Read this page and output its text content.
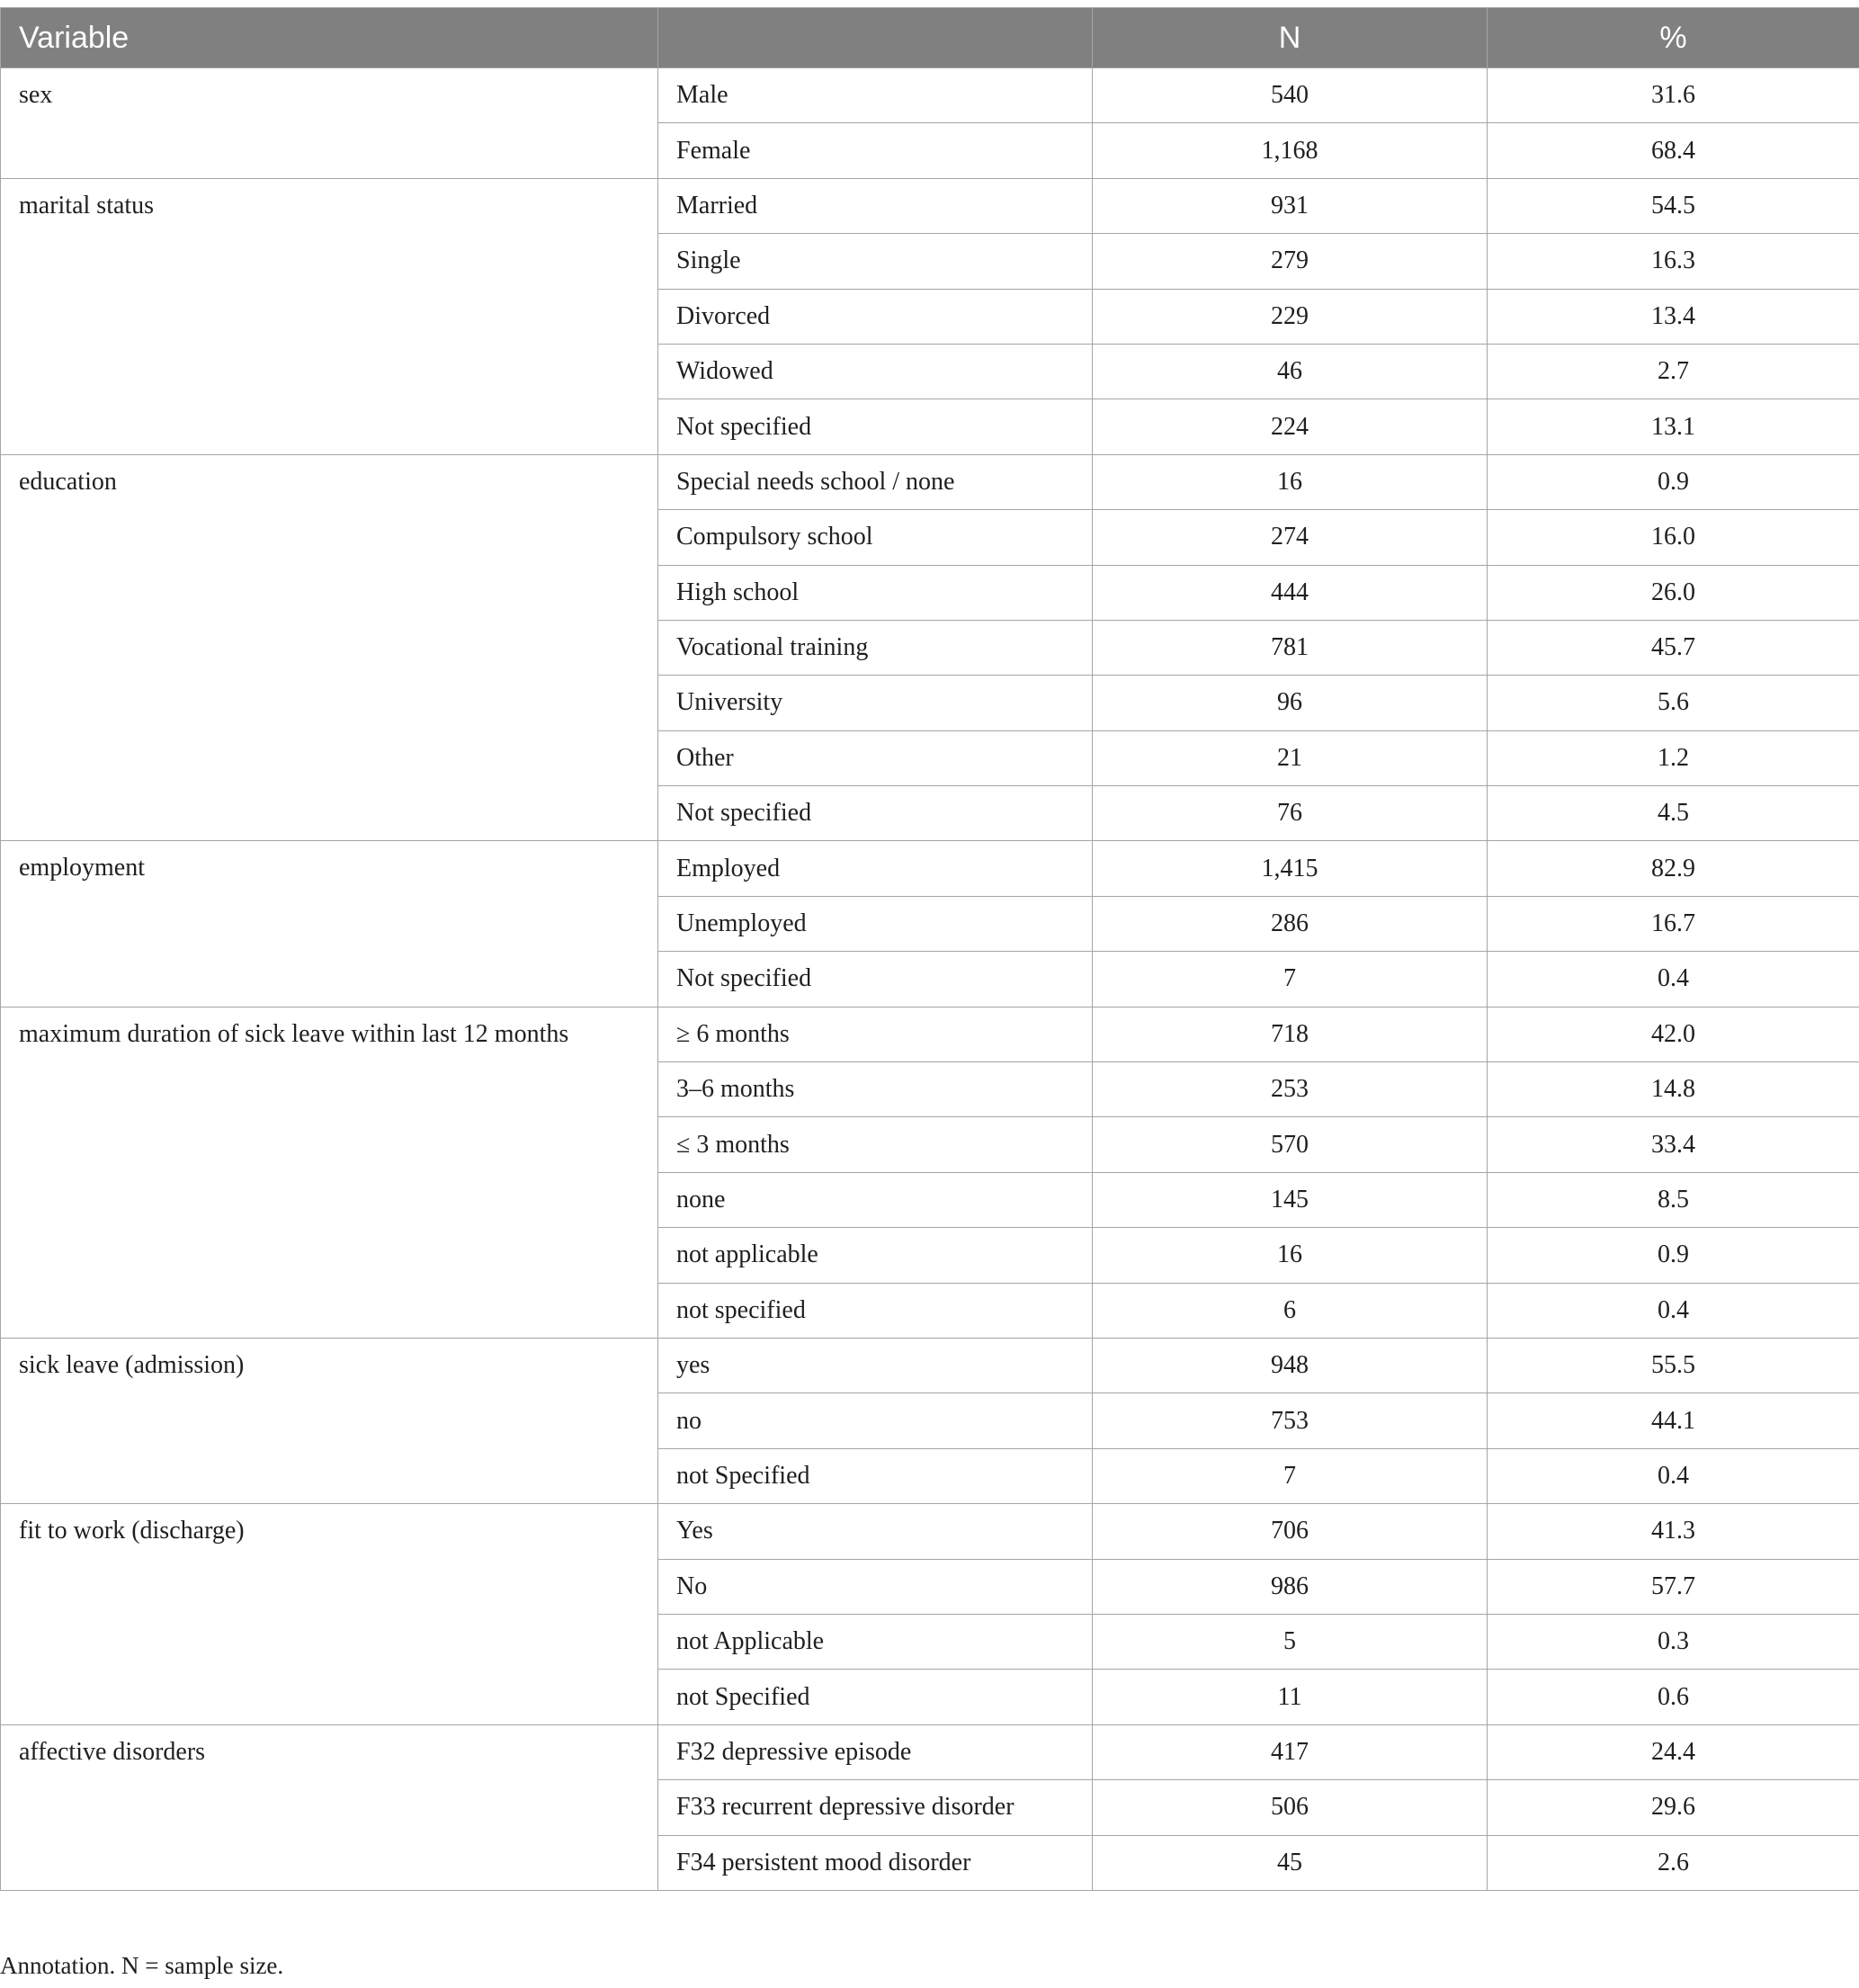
Variable		N	%
sex	Male	540	31.6
	Female	1,168	68.4
marital status	Married	931	54.5
	Single	279	16.3
	Divorced	229	13.4
	Widowed	46	2.7
	Not specified	224	13.1
education	Special needs school / none	16	0.9
	Compulsory school	274	16.0
	High school	444	26.0
	Vocational training	781	45.7
	University	96	5.6
	Other	21	1.2
	Not specified	76	4.5
employment	Employed	1,415	82.9
	Unemployed	286	16.7
	Not specified	7	0.4
maximum duration of sick leave within last 12 months	≥ 6 months	718	42.0
	3–6 months	253	14.8
	≤ 3 months	570	33.4
	none	145	8.5
	not applicable	16	0.9
	not specified	6	0.4
sick leave (admission)	yes	948	55.5
	no	753	44.1
	not Specified	7	0.4
fit to work (discharge)	Yes	706	41.3
	No	986	57.7
	not Applicable	5	0.3
	not Specified	11	0.6
affective disorders	F32 depressive episode	417	24.4
	F33 recurrent depressive disorder	506	29.6
	F34 persistent mood disorder	45	2.6
Annotation. N = sample size.
